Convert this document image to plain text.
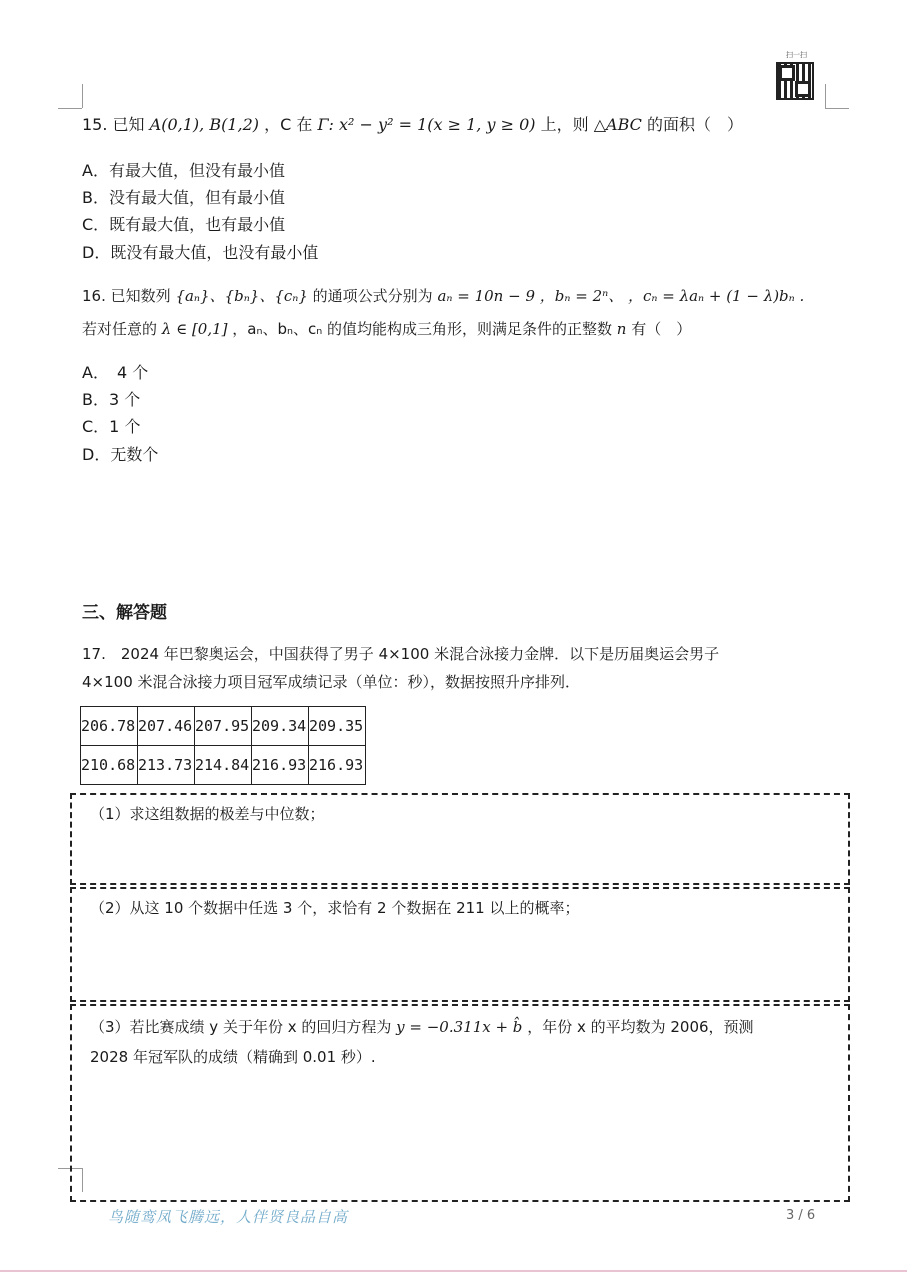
扫一扫
15. 已知 A(0,1), B(1,2) ，C 在 Γ: x² − y² = 1(x ≥ 1, y ≥ 0) 上，则 △ABC 的面积（　）
A．有最大值，但没有最小值
B．没有最大值，但有最小值
C．既有最大值，也有最小值
D．既没有最大值，也没有最小值
16. 已知数列 {aₙ}、{bₙ}、{cₙ} 的通项公式分别为 aₙ = 10n − 9 ，bₙ = 2ⁿ、 ，cₙ = λaₙ + (1 − λ)bₙ .
若对任意的 λ ∈ [0,1] ，aₙ、bₙ、cₙ 的值均能构成三角形，则满足条件的正整数 n 有（　）
A．　4 个
B．3 个
C．1 个
D．无数个
三、解答题
17.　2024 年巴黎奥运会，中国获得了男子 4×100 米混合泳接力金牌．以下是历届奥运会男子
4×100 米混合泳接力项目冠军成绩记录（单位：秒），数据按照升序排列．
206.78	207.46	207.95	209.34	209.35
210.68	213.73	214.84	216.93	216.93
（1）求这组数据的极差与中位数；
（2）从这 10 个数据中任选 3 个，求恰有 2 个数据在 211 以上的概率；
（3）若比赛成绩 y 关于年份 x 的回归方程为 y = −0.311x + b̂ ，年份 x 的平均数为 2006，预测
2028 年冠军队的成绩（精确到 0.01 秒）.
鸟随鸾凤飞腾远，人伴贤良品自高	3 / 6
